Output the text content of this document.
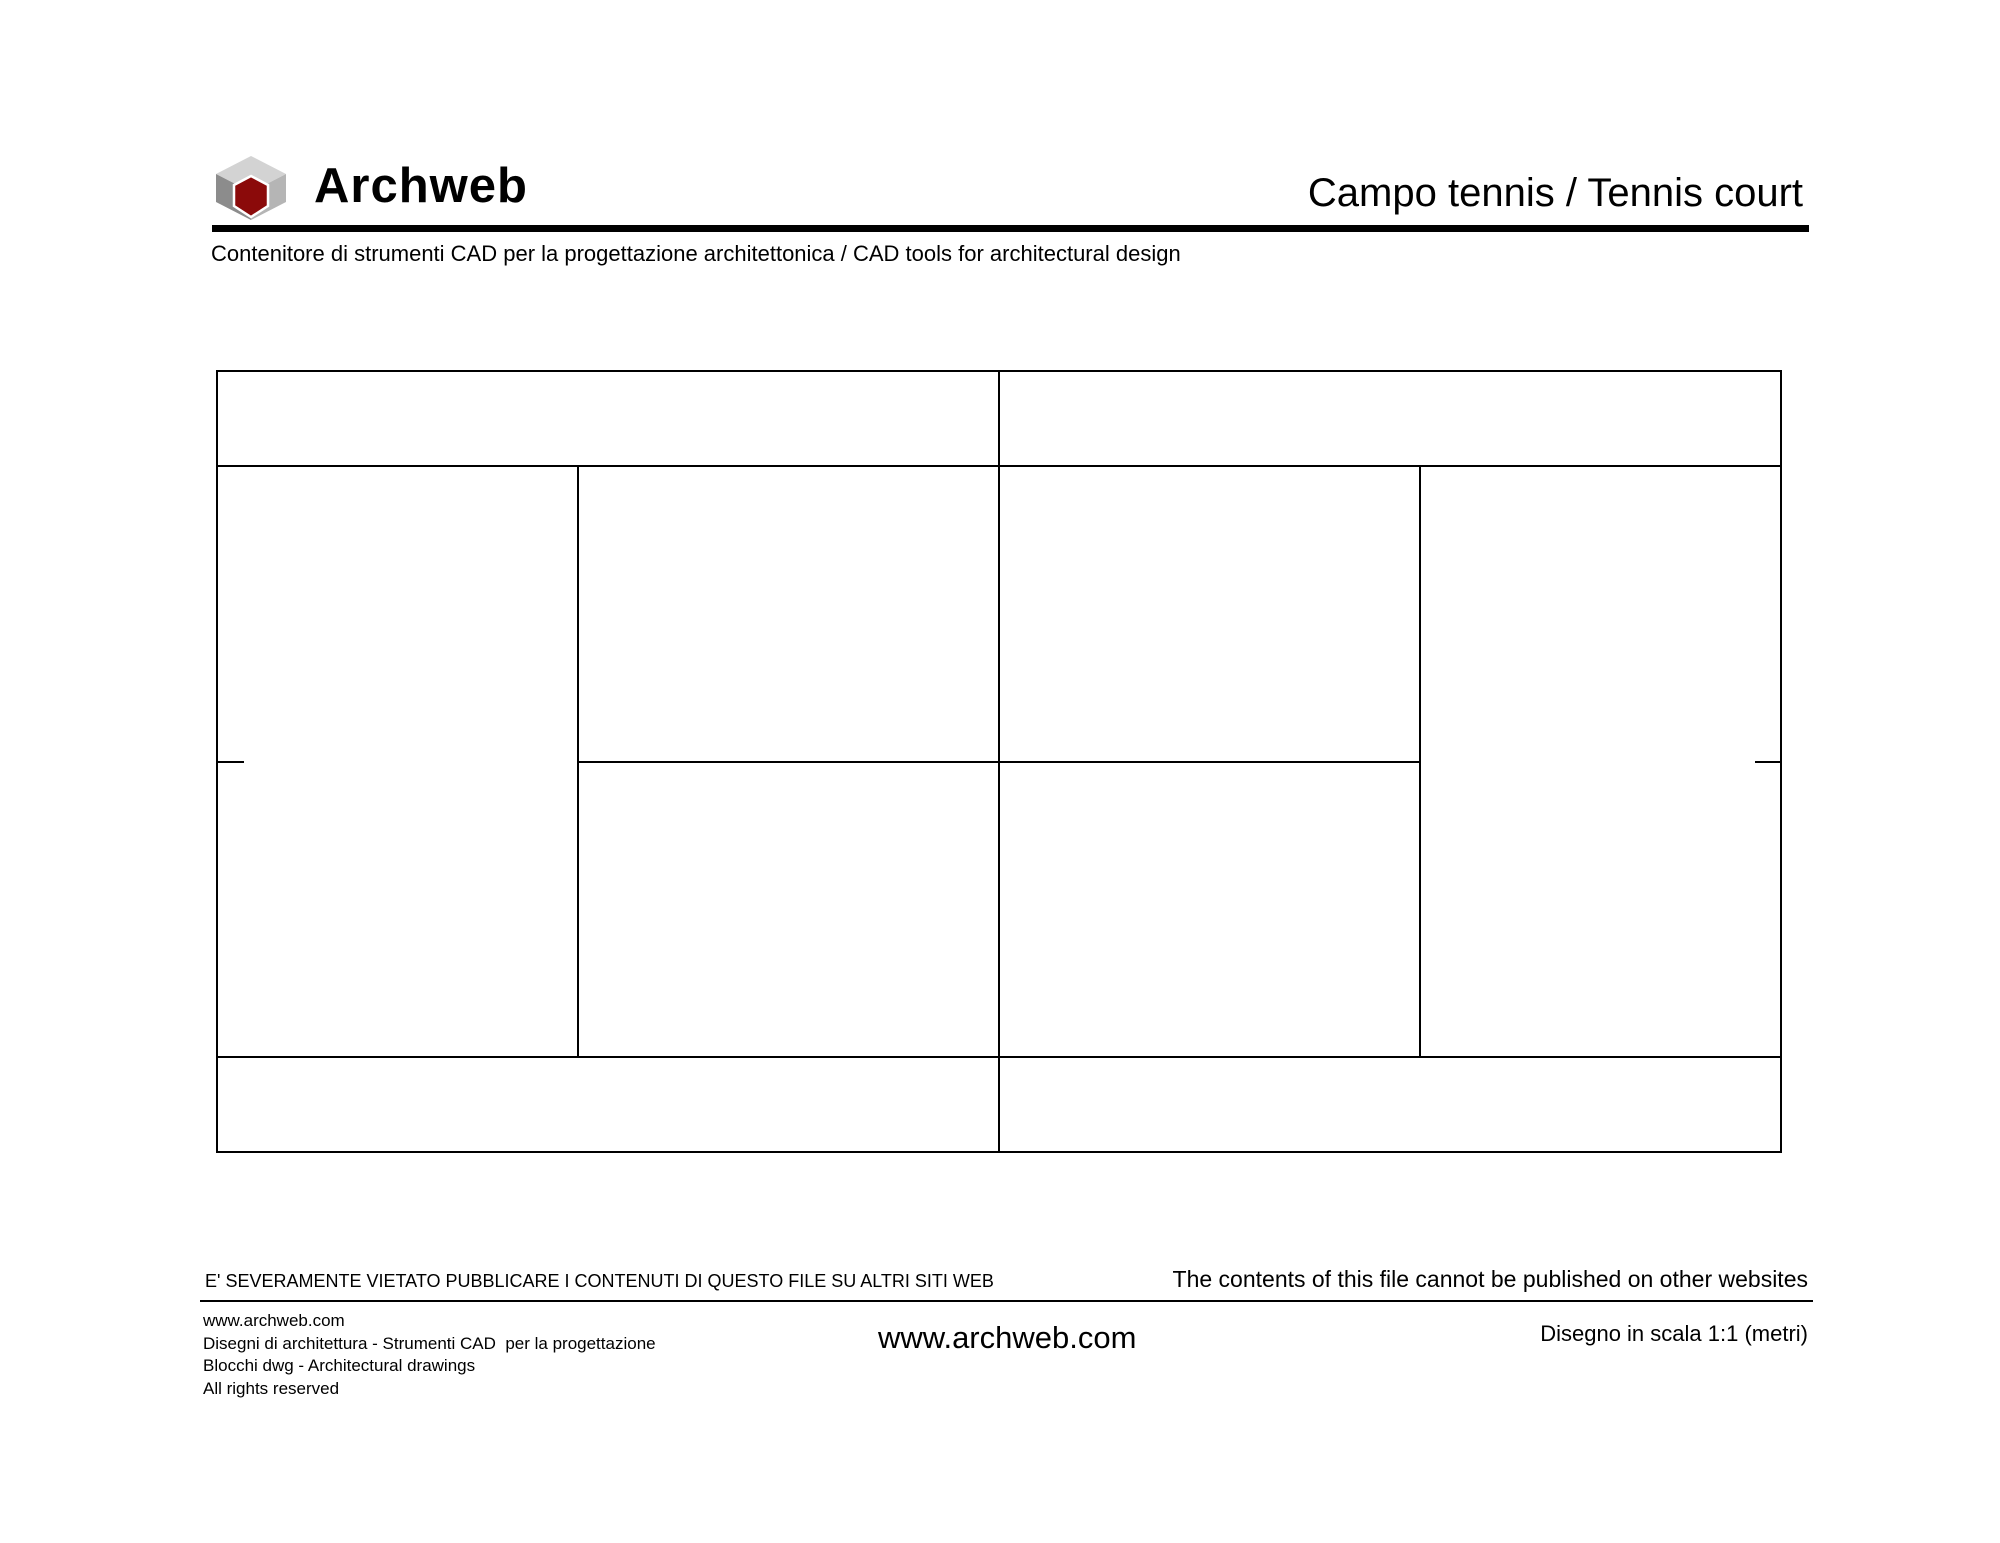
Archweb	Campo tennis / Tennis court
Contenitore di strumenti CAD per la progettazione architettonica / CAD tools for architectural design
E' SEVERAMENTE VIETATO PUBBLICARE I CONTENUTI DI QUESTO FILE SU ALTRI SITI WEB	The contents of this file cannot be published on other websites
www.archweb.com
Disegni di architettura - Strumenti CAD  per la progettazione
Blocchi dwg - Architectural drawings
All rights reserved
www.archweb.com	Disegno in scala 1:1 (metri)
